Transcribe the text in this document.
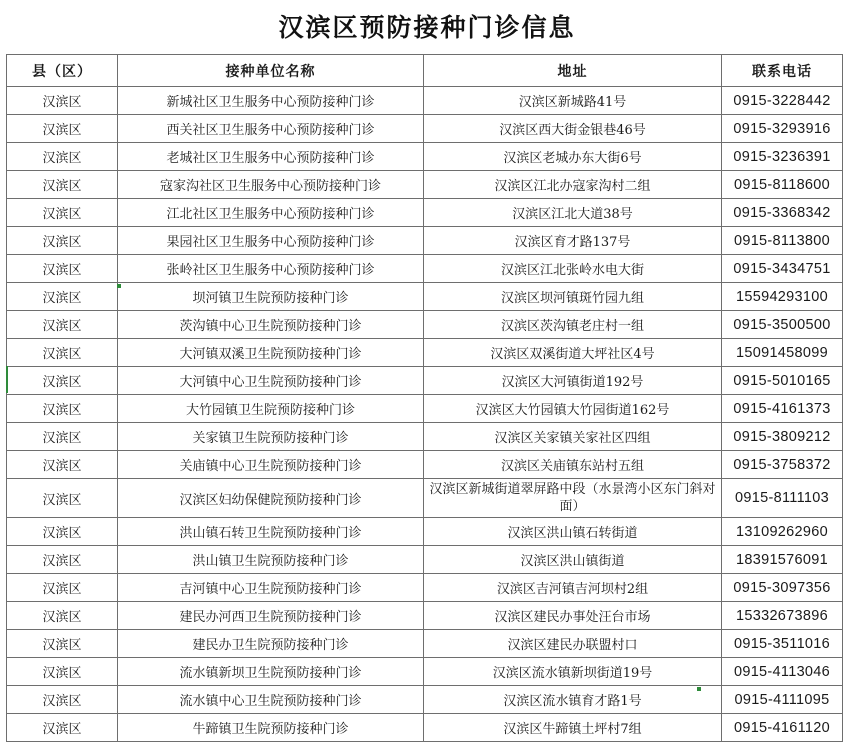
汉滨区预防接种门诊信息
县（区）	接种单位名称	地址	联系电话
汉滨区	新城社区卫生服务中心预防接种门诊	汉滨区新城路41号	0915-3228442
汉滨区	西关社区卫生服务中心预防接种门诊	汉滨区西大街金银巷46号	0915-3293916
汉滨区	老城社区卫生服务中心预防接种门诊	汉滨区老城办东大街6号	0915-3236391
汉滨区	寇家沟社区卫生服务中心预防接种门诊	汉滨区江北办寇家沟村二组	0915-8118600
汉滨区	江北社区卫生服务中心预防接种门诊	汉滨区江北大道38号	0915-3368342
汉滨区	果园社区卫生服务中心预防接种门诊	汉滨区育才路137号	0915-8113800
汉滨区	张岭社区卫生服务中心预防接种门诊	汉滨区江北张岭水电大街	0915-3434751
汉滨区	坝河镇卫生院预防接种门诊	汉滨区坝河镇斑竹园九组	15594293100
汉滨区	茨沟镇中心卫生院预防接种门诊	汉滨区茨沟镇老庄村一组	0915-3500500
汉滨区	大河镇双溪卫生院预防接种门诊	汉滨区双溪街道大坪社区4号	15091458099
汉滨区	大河镇中心卫生院预防接种门诊	汉滨区大河镇街道192号	0915-5010165
汉滨区	大竹园镇卫生院预防接种门诊	汉滨区大竹园镇大竹园街道162号	0915-4161373
汉滨区	关家镇卫生院预防接种门诊	汉滨区关家镇关家社区四组	0915-3809212
汉滨区	关庙镇中心卫生院预防接种门诊	汉滨区关庙镇东站村五组	0915-3758372
汉滨区	汉滨区妇幼保健院预防接种门诊	汉滨区新城街道翠屏路中段（水景湾小区东门斜对面）	0915-8111103
汉滨区	洪山镇石转卫生院预防接种门诊	汉滨区洪山镇石转街道	13109262960
汉滨区	洪山镇卫生院预防接种门诊	汉滨区洪山镇街道	18391576091
汉滨区	吉河镇中心卫生院预防接种门诊	汉滨区吉河镇吉河坝村2组	0915-3097356
汉滨区	建民办河西卫生院预防接种门诊	汉滨区建民办事处汪台市场	15332673896
汉滨区	建民办卫生院预防接种门诊	汉滨区建民办联盟村口	0915-3511016
汉滨区	流水镇新坝卫生院预防接种门诊	汉滨区流水镇新坝街道19号	0915-4113046
汉滨区	流水镇中心卫生院预防接种门诊	汉滨区流水镇育才路1号	0915-4111095
汉滨区	牛蹄镇卫生院预防接种门诊	汉滨区牛蹄镇土坪村7组	0915-4161120
